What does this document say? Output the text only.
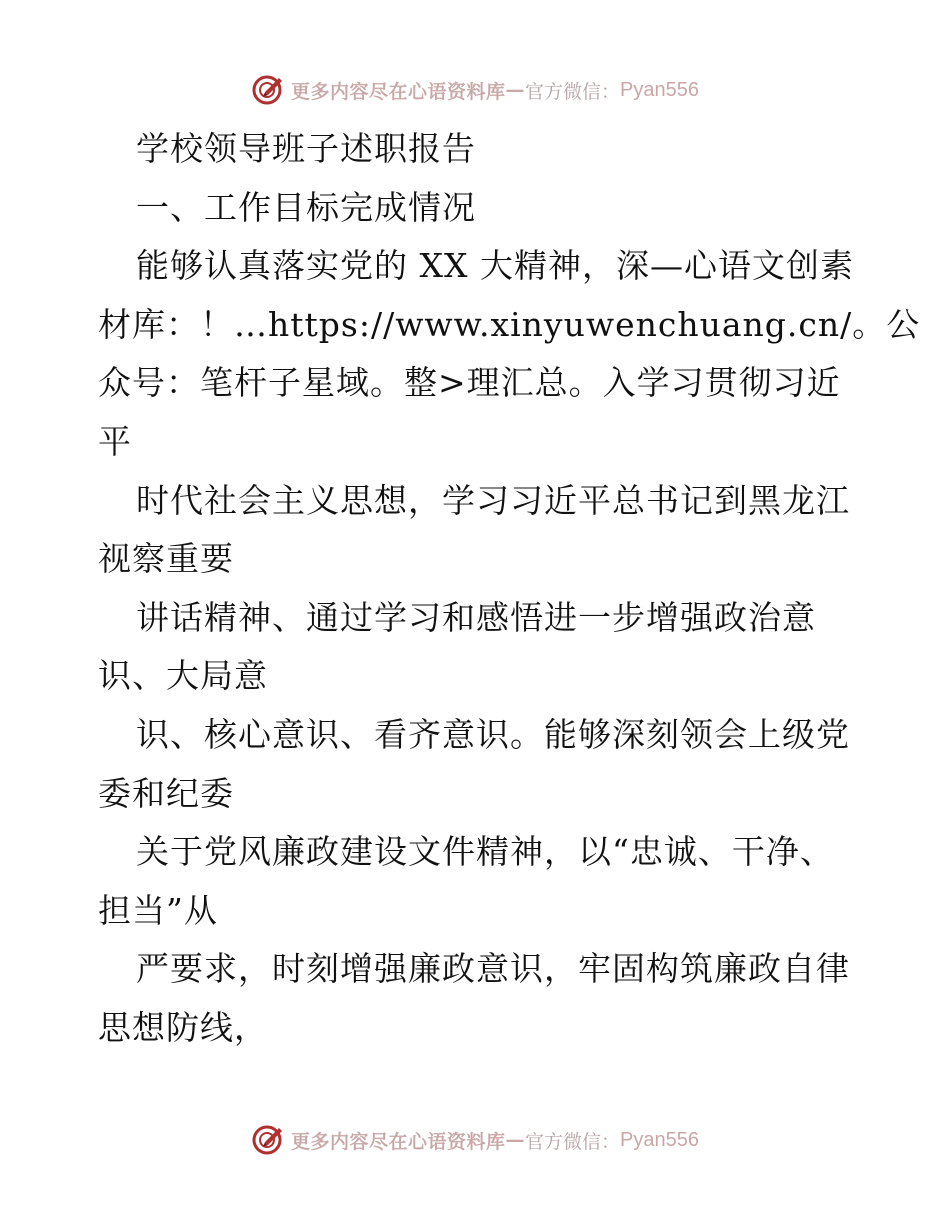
更多内容尽在心语资料库 — 官方微信： Pyan556
学校领导班子述职报告
一、工作目标完成情况
能够认真落实党的 XX 大精神，深—心语文创素
材库：！…https://www.xinyuwenchuang.cn/。公
众号：笔杆子星域。整>理汇总。入学习贯彻习近
平
时代社会主义思想，学习习近平总书记到黑龙江
视察重要
讲话精神、通过学习和感悟进一步增强政治意
识、大局意
识、核心意识、看齐意识。能够深刻领会上级党
委和纪委
关于党风廉政建设文件精神，以“忠诚、干净、
担当”从
严要求，时刻增强廉政意识，牢固构筑廉政自律
思想防线，
更多内容尽在心语资料库 — 官方微信： Pyan556
